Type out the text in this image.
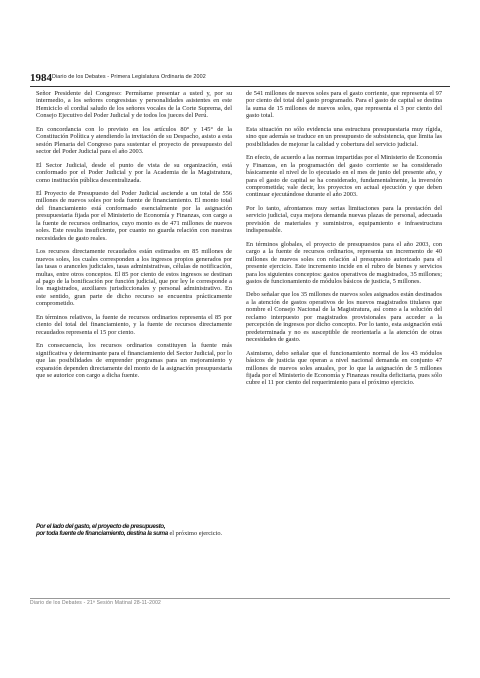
1984 Diario de los Debates - Primera Legislatura Ordinaria de 2002

Señor Presidente del Congreso: Permítame presentar a usted y, por su intermedio, a los señores congresistas y personalidades asistentes en este Hemiciclo el cordial saludo de los señores vocales de la Corte Suprema, del Consejo Ejecutivo del Poder Judicial y de todos los jueces del Perú.

En concordancia con lo previsto en los artículos 80° y 145° de la Constitución Política y atendiendo la invitación de su Despacho, asisto a esta sesión Plenaria del Congreso para sustentar el proyecto de presupuesto del sector del Poder Judicial para el año 2003.

El Sector Judicial, desde el punto de vista de su organización, está conformado por el Poder Judicial y por la Academia de la Magistratura, como institución pública descentralizada.

El Proyecto de Presupuesto del Poder Judicial asciende a un total de 556 millones de nuevos soles por toda fuente de financiamiento. El monto total del financiamiento está conformado esencialmente por la asignación presupuestaria fijada por el Ministerio de Economía y Finanzas, con cargo a la fuente de recursos ordinarios, cuyo monto es de 471 millones de nuevos soles. Este resulta insuficiente, por cuanto no guarda relación con nuestras necesidades de gasto reales.

Los recursos directamente recaudados están estimados en 85 millones de nuevos soles, los cuales corresponden a los ingresos propios generados por las tasas o aranceles judiciales, tasas administrativas, células de notificación, multas, entre otros conceptos. El 85 por ciento de estos ingresos se destinan al pago de la bonificación por función judicial, que por ley le corresponde a los magistrados, auxiliares jurisdiccionales y personal administrativo. En este sentido, gran parte de dicho recurso se encuentra prácticamente comprometido.

En términos relativos, la fuente de recursos ordinarios representa el 85 por ciento del total del financiamiento, y la fuente de recursos directamente recaudados representa el 15 por ciento.

En consecuencia, los recursos ordinarios constituyen la fuente más significativa y determinante para el financiamiento del Sector Judicial, por lo que las posibilidades de emprender programas para un mejoramiento y expansión dependen directamente del monto de la asignación presupuestaria que se autorice con cargo a dicha fuente.

de 541 millones de nuevos soles para el gasto corriente, que representa el 97 por ciento del total del gasto programado. Para el gasto de capital se destina la suma de 15 millones de nuevos soles, que representa el 3 por ciento del gasto total.

Esta situación no sólo evidencia una estructura presupuestaria muy rígida, sino que además se traduce en un presupuesto de subsistencia, que limita las posibilidades de mejorar la calidad y cobertura del servicio judicial.

En efecto, de acuerdo a las normas impartidas por el Ministerio de Economía y Finanzas, en la programación del gasto corriente se ha considerado básicamente el nivel de lo ejecutado en el mes de junio del presente año, y para el gasto de capital se ha considerado, fundamentalmente, la inversión comprometida; vale decir, los proyectos en actual ejecución y que deben continuar ejecutándose durante el año 2003.

Por lo tanto, afrontamos muy serias limitaciones para la prestación del servicio judicial, cuya mejora demanda nuevas plazas de personal, adecuada previsión de materiales y suministros, equipamiento e infraestructura indispensable.

En términos globales, el proyecto de presupuestos para el año 2003, con cargo a la fuente de recursos ordinarios, representa un incremento de 40 millones de nuevos soles con relación al presupuesto autorizado para el presente ejercicio. Este incremento incide en el rubro de bienes y servicios para los siguientes conceptos: gastos operativos de magistrados, 35 millones; gastos de funcionamiento de módulos básicos de justicia, 5 millones.

Debo señalar que los 35 millones de nuevos soles asignados están destinados a la atención de gastos operativos de los nuevos magistrados titulares que nombre el Consejo Nacional de la Magistratura, así como a la solución del reclamo interpuesto por magistrados provisionales para acceder a la percepción de ingresos por dicho concepto. Por lo tanto, esta asignación está predeterminada y no es susceptible de reorientarla a la atención de otras necesidades de gasto.

Asimismo, debo señalar que el funcionamiento normal de los 43 módulos básicos de justicia que operan a nivel nacional demanda en conjunto 47 millones de nuevos soles anuales, por lo que la asignación de 5 millones fijada por el Ministerio de Economía y Finanzas resulta deficitaria, pues sólo cubre el 11 por ciento del requerimiento para el próximo ejercicio.

Por el lado del gasto, el proyecto de presupuesto,

por toda fuente de financiamiento, destina la suma el próximo ejercicio.

Diario de los Debates - 21ª Sesión Matinal 28-11-2002
